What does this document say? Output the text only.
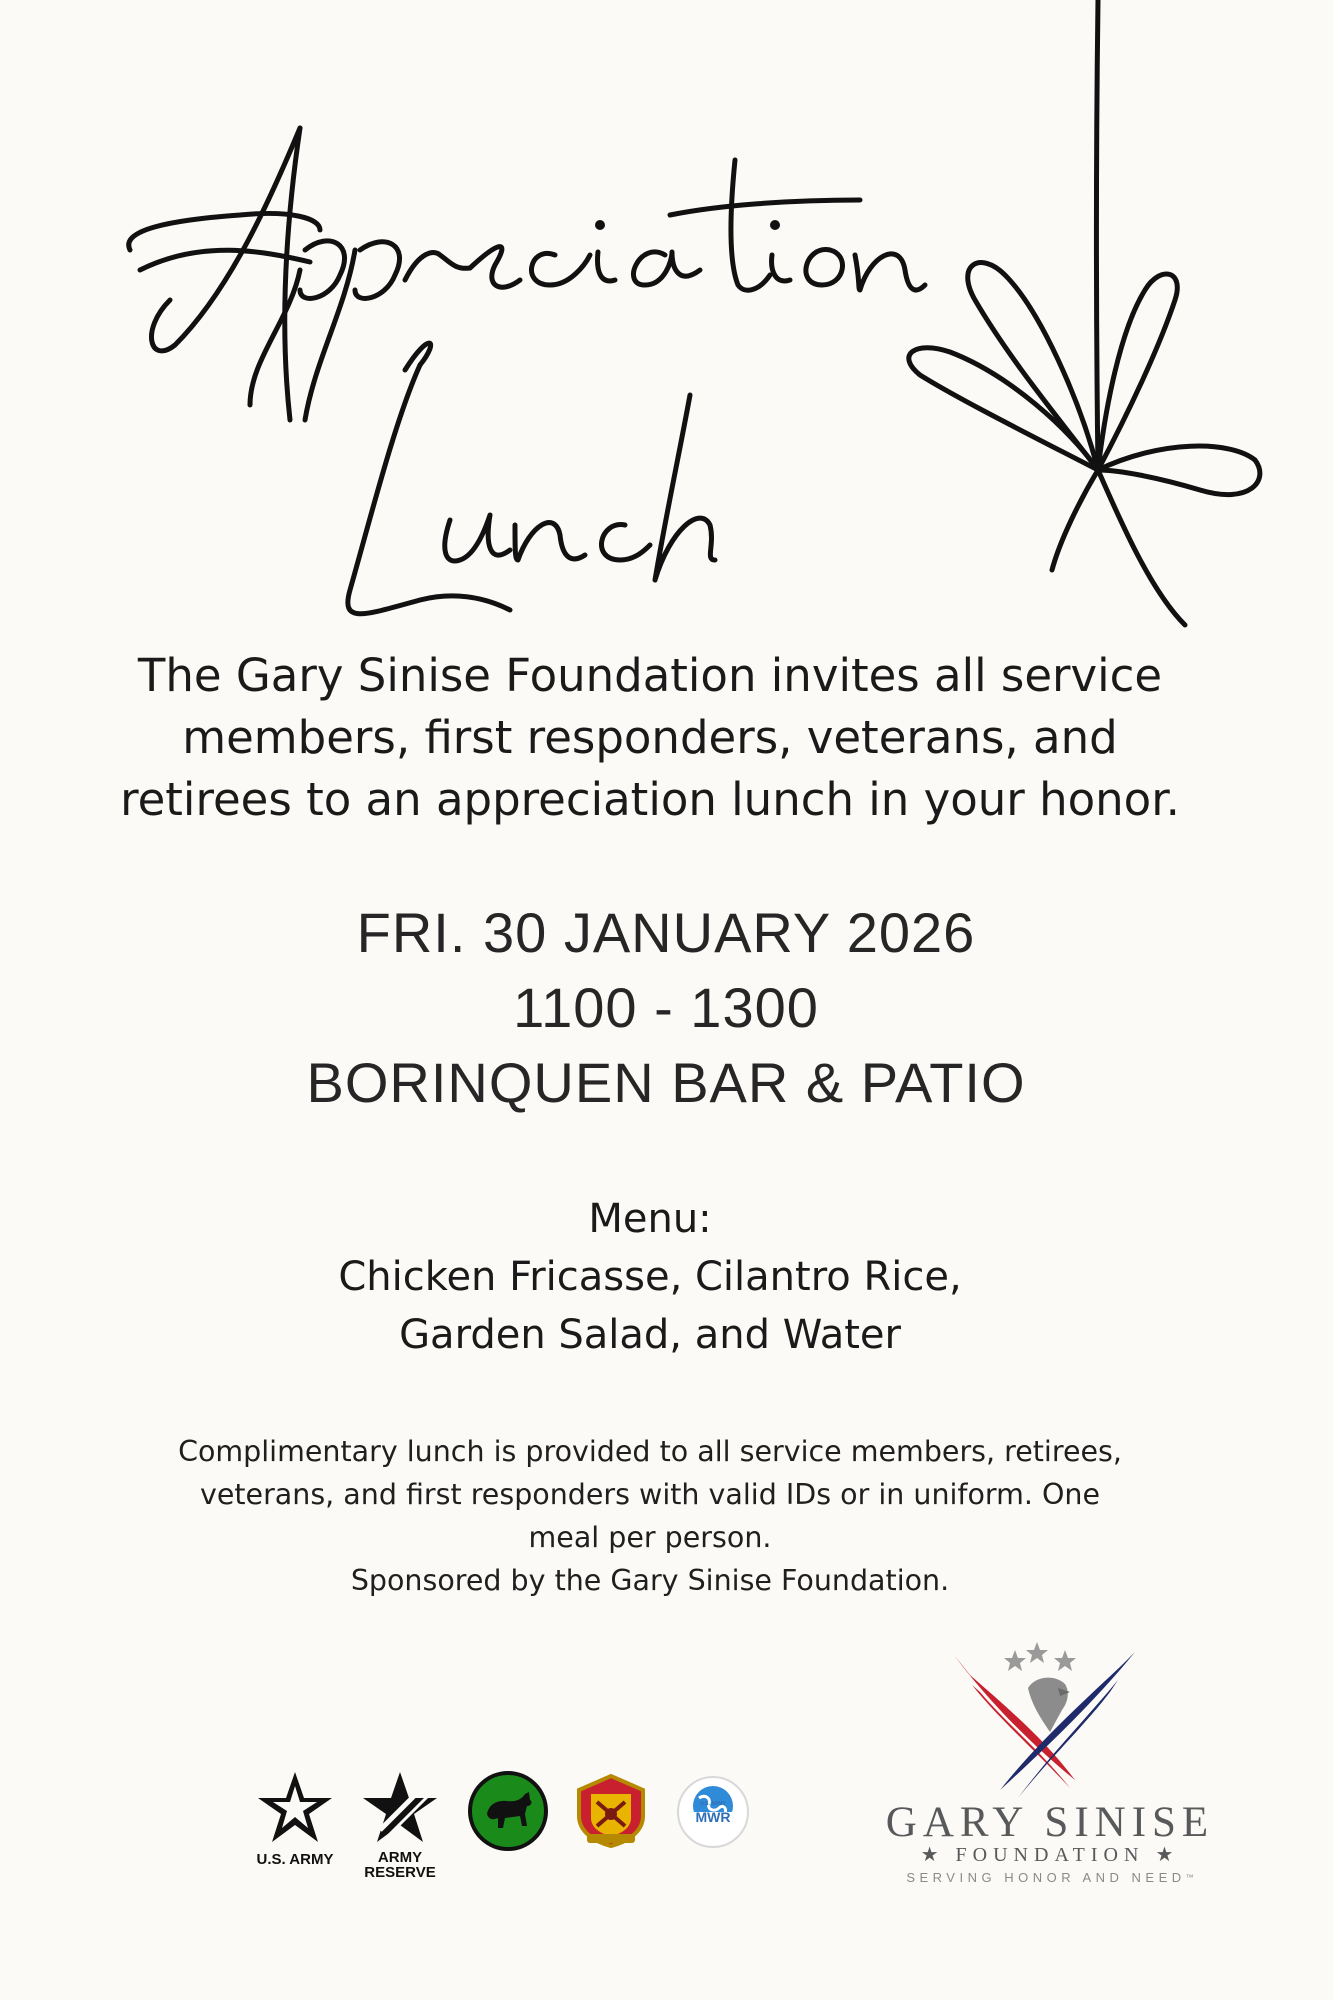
The Gary Sinise Foundation invites all service
members, first responders, veterans, and
retirees to an appreciation lunch in your honor.
FRI. 30 JANUARY 2026
1100 - 1300
BORINQUEN BAR & PATIO
Menu:
Chicken Fricasse, Cilantro Rice,
Garden Salad, and Water
Complimentary lunch is provided to all service members, retirees,
veterans, and first responders with valid IDs or in uniform. One
meal per person.
Sponsored by the Gary Sinise Foundation.
U.S. ARMY	ARMY
RESERVE
MWR
U.S. ARMY	GARY SINISE
★ FOUNDATION ★
SERVING HONOR AND NEED™
